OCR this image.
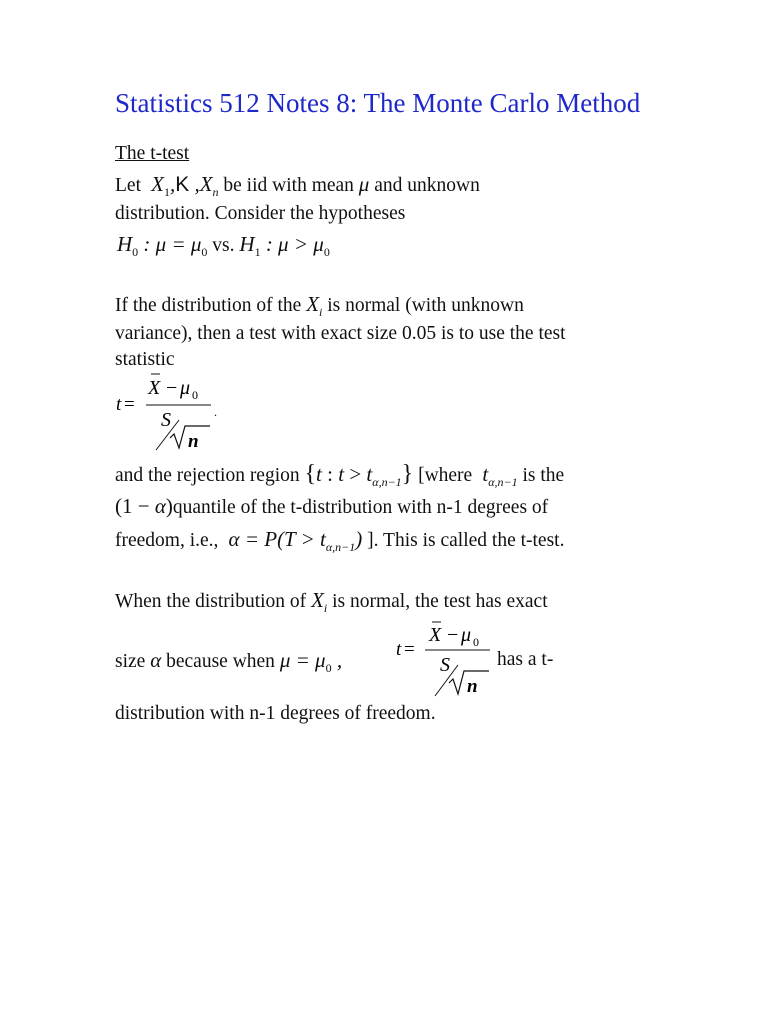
Statistics 512 Notes 8: The Monte Carlo Method
The t-test
Let  $X_1,K$ $,X_n$ be iid with mean μ and unknown
distribution. Consider the hypotheses
$H_0$ : $\mu = \mu_0$ vs. $H_1$ : $\mu > \mu_0$
If the distribution of the $X_i$ is normal (with unknown
variance), then a test with exact size 0.05 is to use the test
statistic
t =
X − μ 0
S
n
.
and the rejection region {t : $t > t_{\alpha,n-1}$} [where  $t_{\alpha,n-1}$ is the
(1 − α)quantile of the t-distribution with n-1 degrees of
freedom, i.e.,  $\alpha = P(T > t_{\alpha,n-1})$ ]. This is called the t-test.
When the distribution of $X_i$ is normal, the test has exact
size α because when $\mu = \mu_0$ ,	t =
X − μ 0
S
n
has a t-
distribution with n-1 degrees of freedom.
